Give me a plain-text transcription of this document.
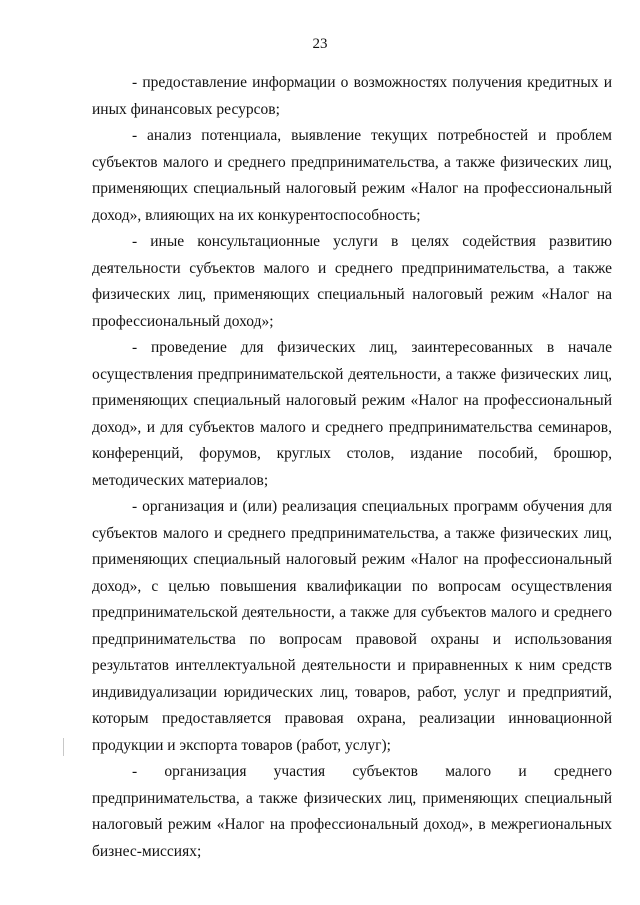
23

- предоставление информации о возможностях получения кредитных и иных финансовых ресурсов;

- анализ потенциала, выявление текущих потребностей и проблем субъектов малого и среднего предпринимательства, а также физических лиц, применяющих специальный налоговый режим «Налог на профессиональный доход», влияющих на их конкурентоспособность;

- иные консультационные услуги в целях содействия развитию деятельности субъектов малого и среднего предпринимательства, а также физических лиц, применяющих специальный налоговый режим «Налог на профессиональный доход»;

- проведение для физических лиц, заинтересованных в начале осуществления предпринимательской деятельности, а также физических лиц, применяющих специальный налоговый режим «Налог на профессиональный доход», и для субъектов малого и среднего предпринимательства семинаров, конференций, форумов, круглых столов, издание пособий, брошюр, методических материалов;

- организация и (или) реализация специальных программ обучения для субъектов малого и среднего предпринимательства, а также физических лиц, применяющих специальный налоговый режим «Налог на профессиональный доход», с целью повышения квалификации по вопросам осуществления предпринимательской деятельности, а также для субъектов малого и среднего предпринимательства по вопросам правовой охраны и использования результатов интеллектуальной деятельности и приравненных к ним средств индивидуализации юридических лиц, товаров, работ, услуг и предприятий, которым предоставляется правовая охрана, реализации инновационной продукции и экспорта товаров (работ, услуг);

- организация участия субъектов малого и среднего предпринимательства, а также физических лиц, применяющих специальный налоговый режим «Налог на профессиональный доход», в межрегиональных бизнес-миссиях;
